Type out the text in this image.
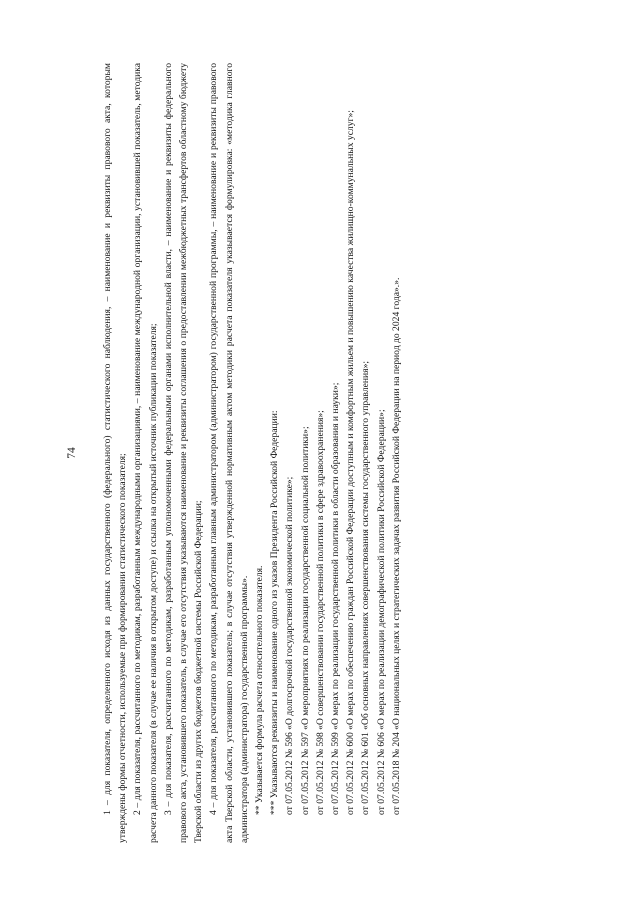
74	1 – для показателя, определенного исходя из данных государственного (федерального) статистического наблюдения, – наименование и реквизиты правового акта, которым утверждены формы отчетности, используемые при формировании статистического показателя; 2 – для показателя, рассчитанного по методикам, разработанным международными организациями, – наименование международной организации, установившей показатель, методика расчета данного показателя (в случае ее наличия в открытом доступе) и ссылка на открытый источник публикации показателя; 3 – для показателя, рассчитанного по методикам, разработанным уполномоченными федеральными органами исполнительной власти, – наименование и реквизиты федерального правового акта, установившего показатель, в случае его отсутствия указываются наименование и реквизиты соглашения о предоставлении межбюджетных трансфертов областному бюджету Тверской области из других бюджетов бюджетной системы Российской Федерации; 4 – для показателя, рассчитанного по методикам, разработанным главным администратором (администратором) государственной программы, – наименование и реквизиты правового акта Тверской области, установившего показатель; в случае отсутствия утвержденной нормативным актом методики расчета показателя указывается формулировка: «методика главного администратора (администратора) государственной программы». ** Указывается формула расчета относительного показателя. *** Указываются реквизиты и наименование одного из указов Президента Российской Федерации: от 07.05.2012 № 596 «О долгосрочной государственной экономической политике»; от 07.05.2012 № 597 «О мероприятиях по реализации государственной социальной политики»; от 07.05.2012 № 598 «О совершенствовании государственной политики в сфере здравоохранения»; от 07.05.2012 № 599 «О мерах по реализации государственной политики в области образования и науки»; от 07.05.2012 № 600 «О мерах по обеспечению граждан Российской Федерации доступным и комфортным жильем и повышению качества жилищно-коммунальных услуг»; от 07.05.2012 № 601 «Об основных направлениях совершенствования системы государственного управления»; от 07.05.2012 № 606 «О мерах по реализации демографической политики Российской Федерации»; от 07.05.2018 № 204 «О национальных целях и стратегических задачах развития Российской Федерации на период до 2024 года».».
